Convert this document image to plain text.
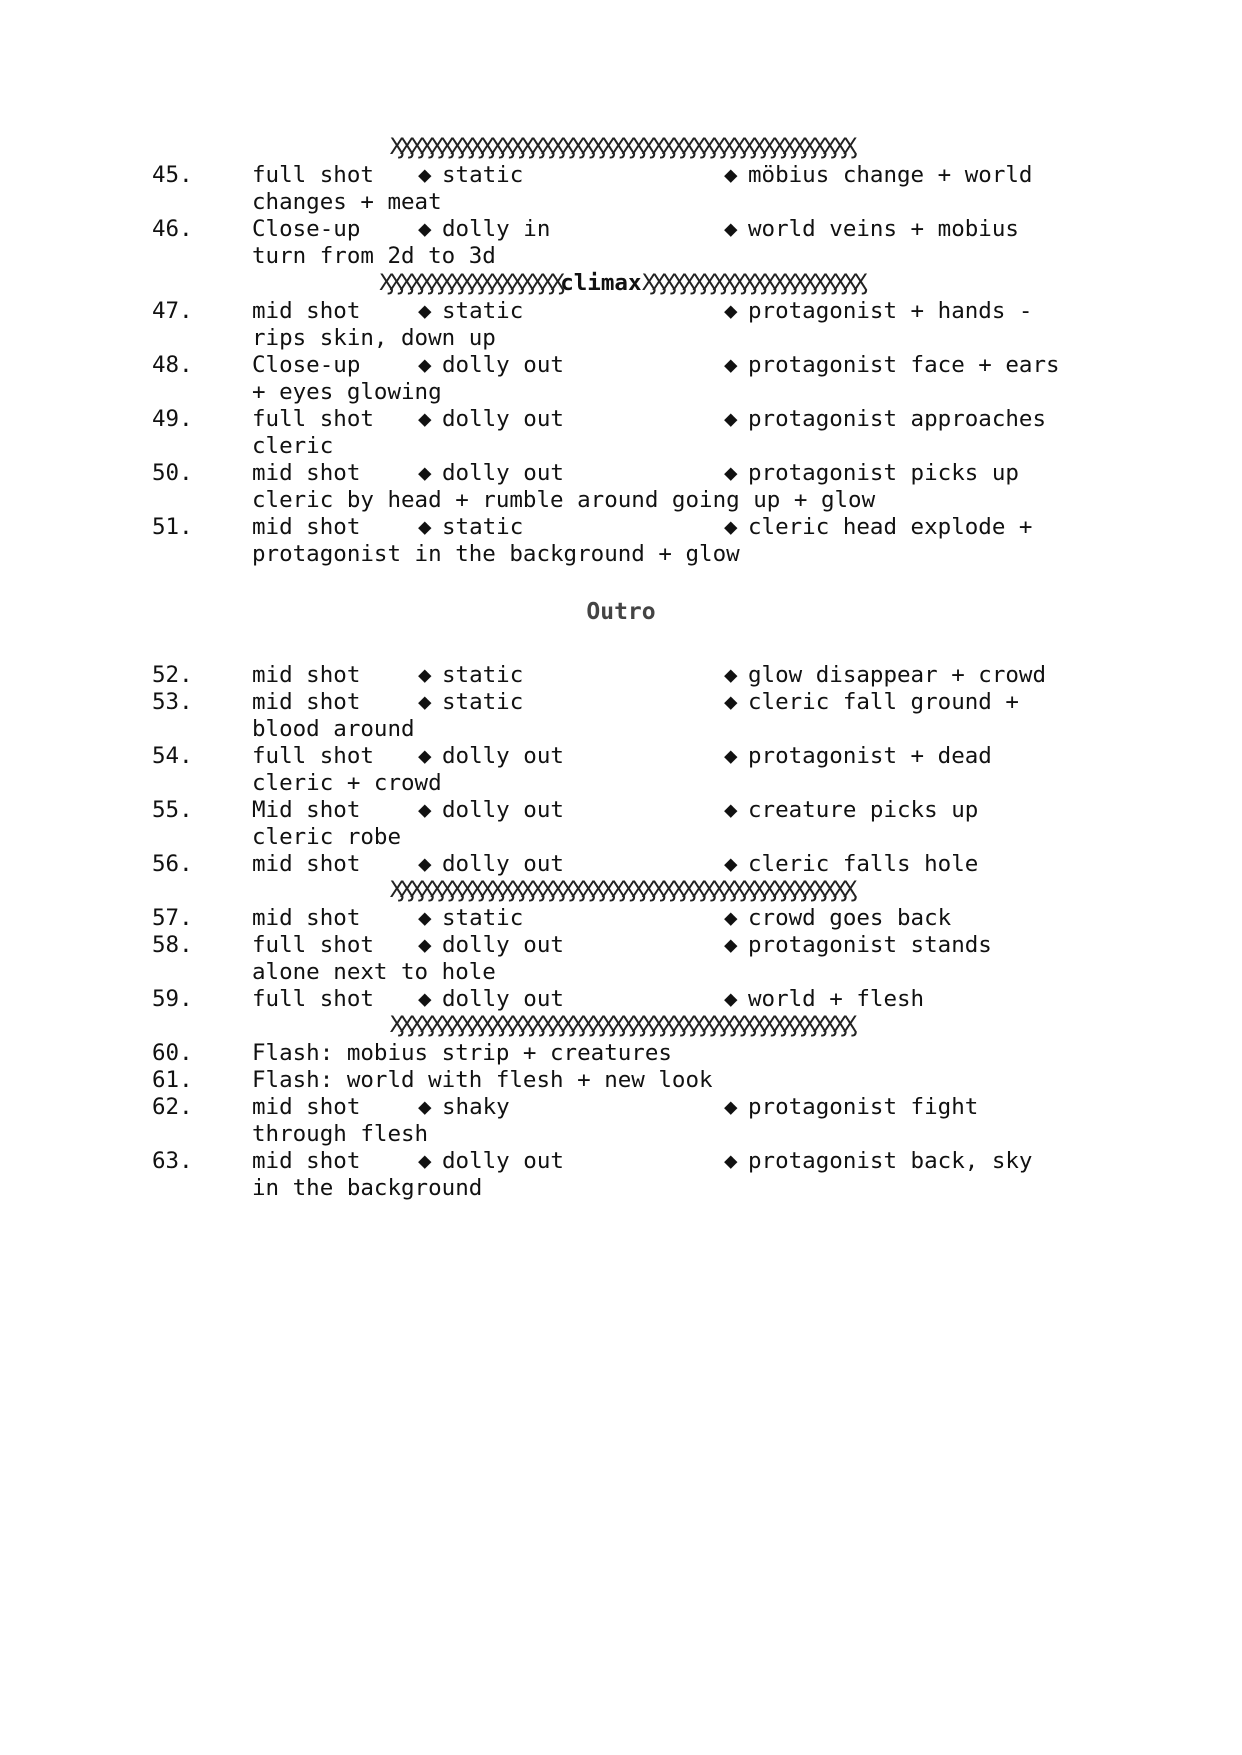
ӼӼӼӼӼӼӼӼӼӼӼӼӼӼӼӼӼӼӼӼӼӼӼӼӼӼӼӼӼӼӼӼӼӼӼӼӼӼӼӼӼӼӼӼӼӼ
45.	full shot ◆ static	◆ möbius change + world
changes + meat
46.	Close-up	◆ dolly in	◆ world veins + mobius
turn from 2d to 3d
ӼӼӼӼӼӼӼӼӼӼӼӼӼӼӼӼӼӼclimaxӼӼӼӼӼӼӼӼӼӼӼӼӼӼӼӼӼӼӼӼӼӼ
47.	mid shot	◆ static	◆ protagonist + hands -
rips skin, down up
48.	Close-up	◆ dolly out	◆ protagonist face + ears
+ eyes glowing
49.	full shot ◆ dolly out	◆ protagonist approaches
cleric
50.	mid shot	◆ dolly out	◆ protagonist picks up
cleric by head + rumble around going up + glow
51.	mid shot	◆ static	◆ cleric head explode +
protagonist in the background + glow
Outro
52.	mid shot	◆ static	◆ glow disappear + crowd
53.	mid shot	◆ static	◆ cleric fall ground +
blood around
54.	full shot ◆ dolly out	◆ protagonist + dead
cleric + crowd
55.	Mid shot	◆ dolly out	◆ creature picks up
cleric robe
56.	mid shot	◆ dolly out	◆ cleric falls hole
ӼӼӼӼӼӼӼӼӼӼӼӼӼӼӼӼӼӼӼӼӼӼӼӼӼӼӼӼӼӼӼӼӼӼӼӼӼӼӼӼӼӼӼӼӼӼ
57.	mid shot	◆ static	◆ crowd goes back
58.	full shot ◆ dolly out	◆ protagonist stands
alone next to hole
59.	full shot ◆ dolly out	◆ world + flesh
ӼӼӼӼӼӼӼӼӼӼӼӼӼӼӼӼӼӼӼӼӼӼӼӼӼӼӼӼӼӼӼӼӼӼӼӼӼӼӼӼӼӼӼӼӼӼ
60.	Flash: mobius strip + creatures
61.	Flash: world with flesh + new look
62.	mid shot	◆ shaky	◆ protagonist fight
through flesh
63.	mid shot	◆ dolly out	◆ protagonist back, sky
in the background
